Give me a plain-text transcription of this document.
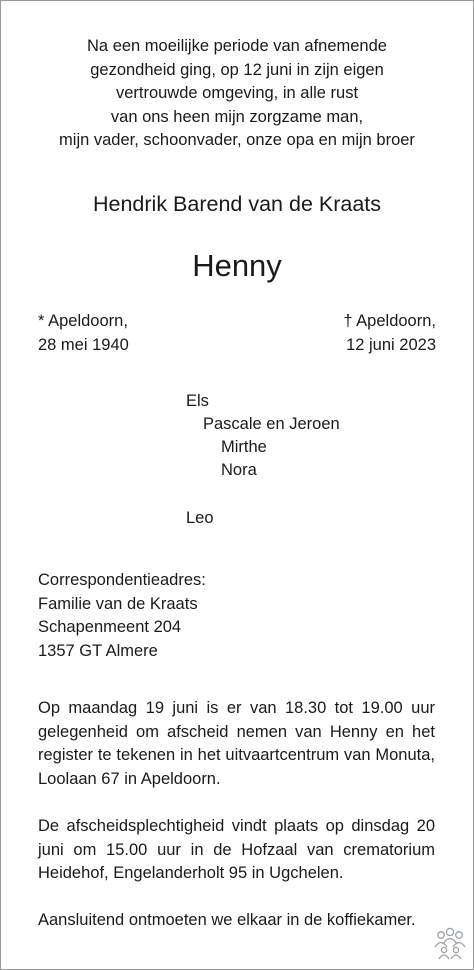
Na een moeilijke periode van afnemende
gezondheid ging, op 12 juni in zijn eigen
vertrouwde omgeving, in alle rust
van ons heen mijn zorgzame man,
mijn vader, schoonvader, onze opa en mijn broer
Hendrik Barend van de Kraats
Henny
* Apeldoorn,
28 mei 1940
† Apeldoorn,
12 juni 2023
Els
Pascale en Jeroen
Mirthe
Nora
Leo
Correspondentieadres:
Familie van de Kraats
Schapenmeent 204
1357 GT Almere
Op maandag 19 juni is er van 18.30 tot 19.00 uur gelegenheid om afscheid nemen van Henny en het register te tekenen in het uitvaartcentrum van Monuta, Loolaan 67 in Apeldoorn.
De afscheidsplechtigheid vindt plaats op dinsdag 20 juni om 15.00 uur in de Hofzaal van crematorium Heidehof, Engelanderholt 95 in Ugchelen.
Aansluitend ontmoeten we elkaar in de koffiekamer.
